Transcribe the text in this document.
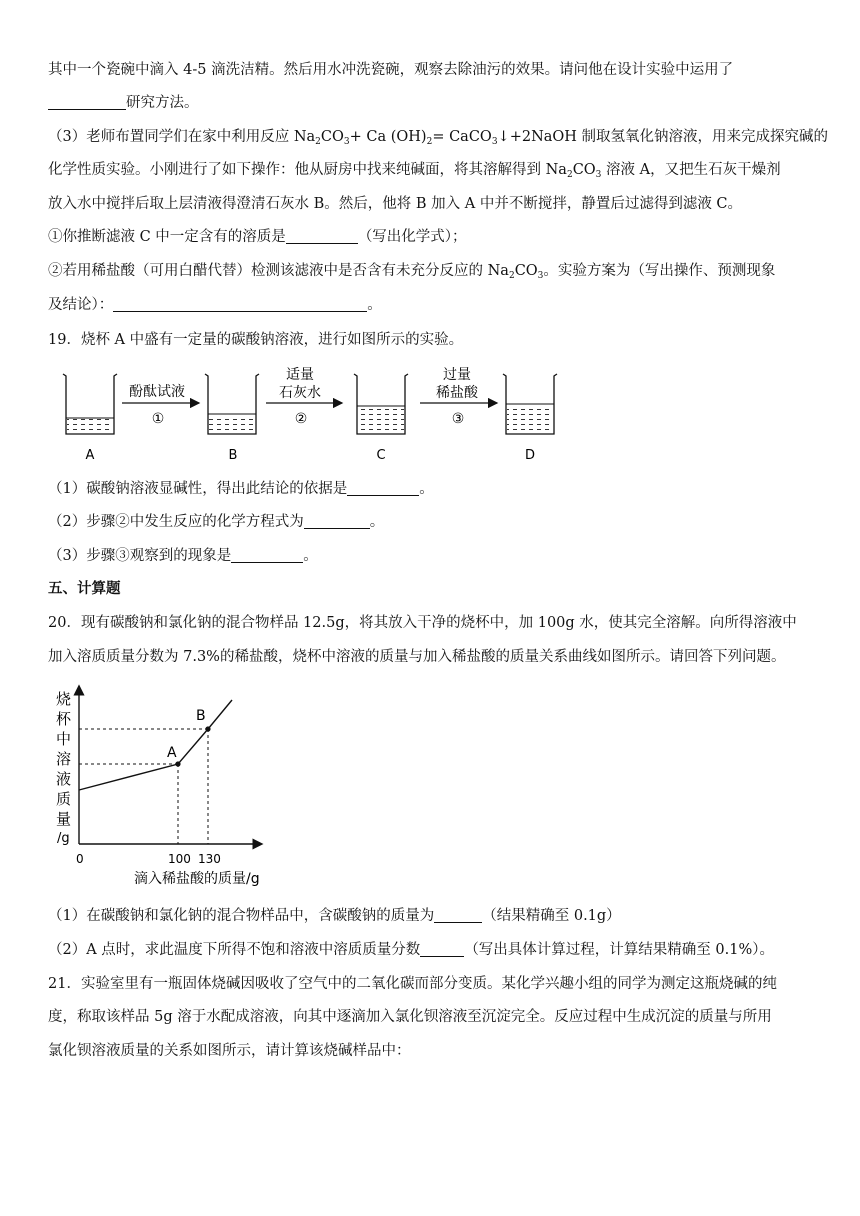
其中一个瓷碗中滴入 4-5 滴洗洁精。然后用水冲洗瓷碗，观察去除油污的效果。请问他在设计实验中运用了
研究方法。
（3）老师布置同学们在家中利用反应 $Na_2CO_3+ Ca$ $(OH)_2=$ CaCO$_3$↓+2NaOH 制取氢氧化钠溶液，用来完成探究碱的
化学性质实验。小刚进行了如下操作：他从厨房中找来纯碱面，将其溶解得到 $Na_2CO_3$ 溶液 A，又把生石灰干燥剂
放入水中搅拌后取上层清液得澄清石灰水 B。然后，他将 B 加入 A 中并不断搅拌，静置后过滤得到滤液 C。
①你推断滤液 C 中一定含有的溶质是	（写出化学式）；
②若用稀盐酸（可用白醋代替）检测该滤液中是否含有未充分反应的 $Na_2CO_3$。实验方案为（写出操作、预测现象
及结论）：	。
19．烧杯 A 中盛有一定量的碳酸钠溶液，进行如图所示的实验。
A
酚酞试液
①
B
适量
石灰水
②
C
过量
稀盐酸
③
D
（1）碳酸钠溶液显碱性，得出此结论的依据是	。
（2）步骤②中发生反应的化学方程式为	。
（3）步骤③观察到的现象是	。
五、计算题
20．现有碳酸钠和氯化钠的混合物样品 12.5g，将其放入干净的烧杯中，加 100g 水，使其完全溶解。向所得溶液中
加入溶质质量分数为 7.3%的稀盐酸，烧杯中溶液的质量与加入稀盐酸的质量关系曲线如图所示。请回答下列问题。
烧
杯
中
溶
液
质
量
/g
A
B
0	100 130
滴入稀盐酸的质量/g
（1）在碳酸钠和氯化钠的混合物样品中，含碳酸钠的质量为	（结果精确至 0.1g）
（2）A 点时，求此温度下所得不饱和溶液中溶质质量分数	（写出具体计算过程，计算结果精确至 0.1%）。
21．实验室里有一瓶固体烧碱因吸收了空气中的二氧化碳而部分变质。某化学兴趣小组的同学为测定这瓶烧碱的纯
度，称取该样品 5g 溶于水配成溶液，向其中逐滴加入氯化钡溶液至沉淀完全。反应过程中生成沉淀的质量与所用
氯化钡溶液质量的关系如图所示，请计算该烧碱样品中：
